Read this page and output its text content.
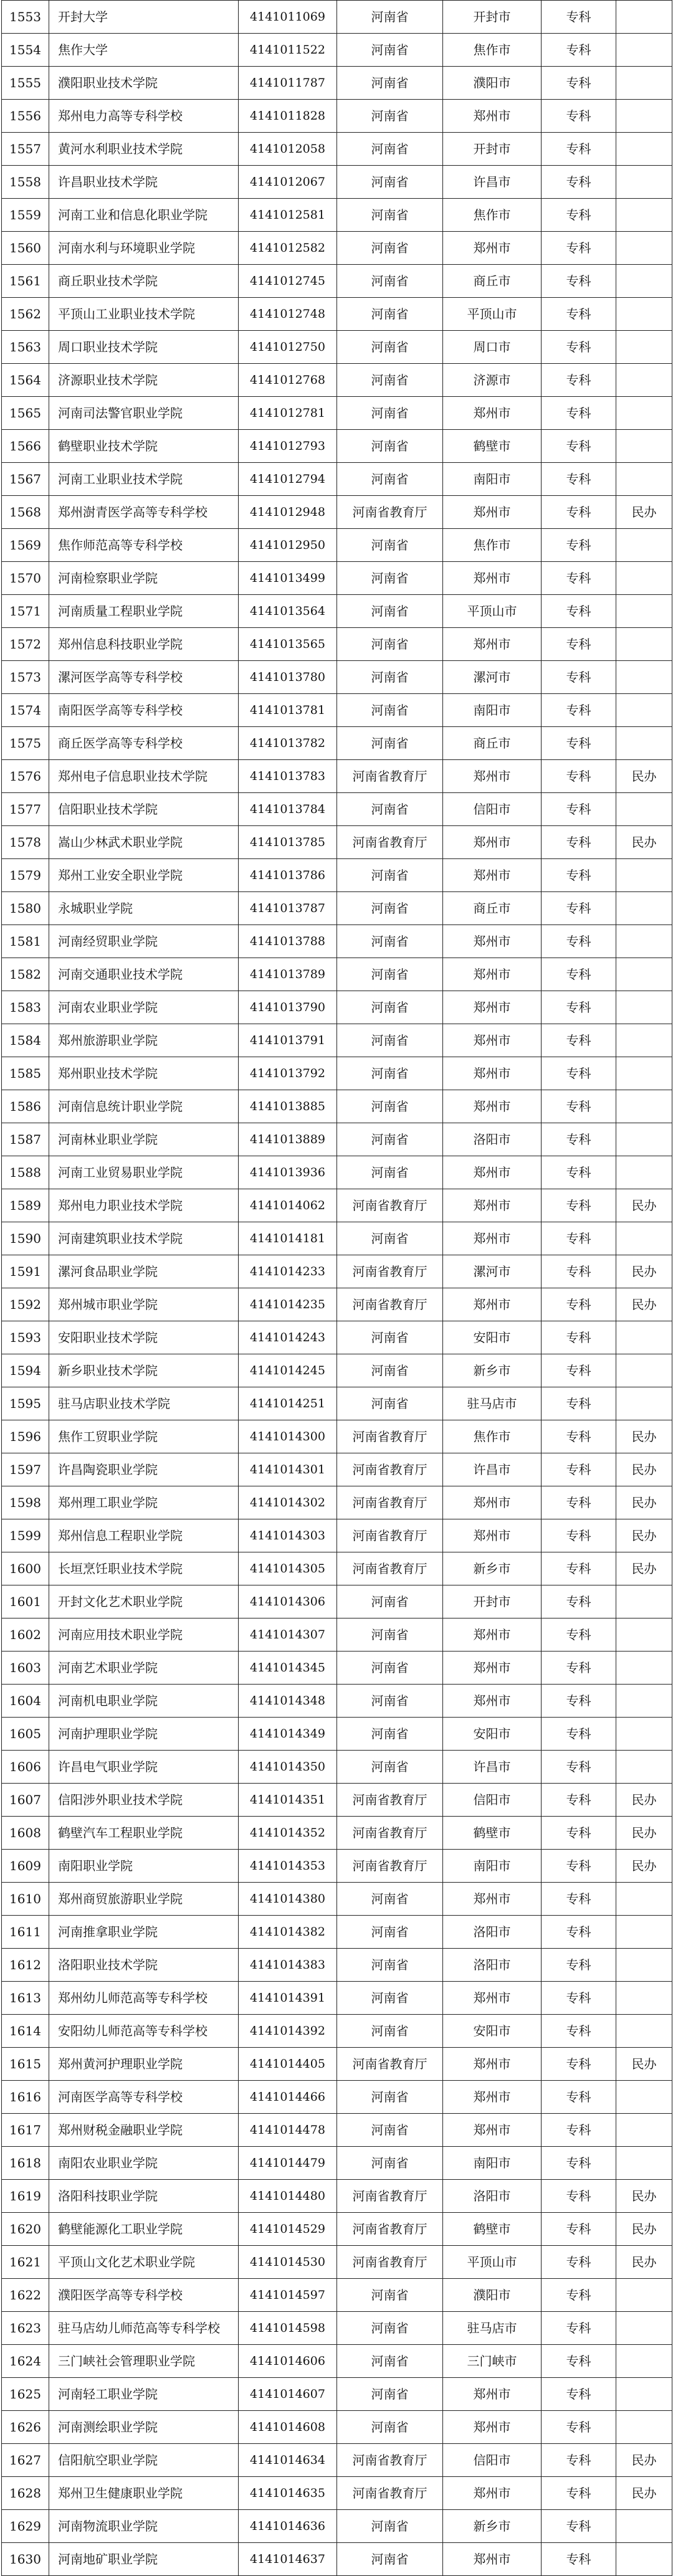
1553	开封大学	4141011069	河南省	开封市	专科	
1554	焦作大学	4141011522	河南省	焦作市	专科	
1555	濮阳职业技术学院	4141011787	河南省	濮阳市	专科	
1556	郑州电力高等专科学校	4141011828	河南省	郑州市	专科	
1557	黄河水利职业技术学院	4141012058	河南省	开封市	专科	
1558	许昌职业技术学院	4141012067	河南省	许昌市	专科	
1559	河南工业和信息化职业学院	4141012581	河南省	焦作市	专科	
1560	河南水利与环境职业学院	4141012582	河南省	郑州市	专科	
1561	商丘职业技术学院	4141012745	河南省	商丘市	专科	
1562	平顶山工业职业技术学院	4141012748	河南省	平顶山市	专科	
1563	周口职业技术学院	4141012750	河南省	周口市	专科	
1564	济源职业技术学院	4141012768	河南省	济源市	专科	
1565	河南司法警官职业学院	4141012781	河南省	郑州市	专科	
1566	鹤壁职业技术学院	4141012793	河南省	鹤壁市	专科	
1567	河南工业职业技术学院	4141012794	河南省	南阳市	专科	
1568	郑州澍青医学高等专科学校	4141012948	河南省教育厅	郑州市	专科	民办
1569	焦作师范高等专科学校	4141012950	河南省	焦作市	专科	
1570	河南检察职业学院	4141013499	河南省	郑州市	专科	
1571	河南质量工程职业学院	4141013564	河南省	平顶山市	专科	
1572	郑州信息科技职业学院	4141013565	河南省	郑州市	专科	
1573	漯河医学高等专科学校	4141013780	河南省	漯河市	专科	
1574	南阳医学高等专科学校	4141013781	河南省	南阳市	专科	
1575	商丘医学高等专科学校	4141013782	河南省	商丘市	专科	
1576	郑州电子信息职业技术学院	4141013783	河南省教育厅	郑州市	专科	民办
1577	信阳职业技术学院	4141013784	河南省	信阳市	专科	
1578	嵩山少林武术职业学院	4141013785	河南省教育厅	郑州市	专科	民办
1579	郑州工业安全职业学院	4141013786	河南省	郑州市	专科	
1580	永城职业学院	4141013787	河南省	商丘市	专科	
1581	河南经贸职业学院	4141013788	河南省	郑州市	专科	
1582	河南交通职业技术学院	4141013789	河南省	郑州市	专科	
1583	河南农业职业学院	4141013790	河南省	郑州市	专科	
1584	郑州旅游职业学院	4141013791	河南省	郑州市	专科	
1585	郑州职业技术学院	4141013792	河南省	郑州市	专科	
1586	河南信息统计职业学院	4141013885	河南省	郑州市	专科	
1587	河南林业职业学院	4141013889	河南省	洛阳市	专科	
1588	河南工业贸易职业学院	4141013936	河南省	郑州市	专科	
1589	郑州电力职业技术学院	4141014062	河南省教育厅	郑州市	专科	民办
1590	河南建筑职业技术学院	4141014181	河南省	郑州市	专科	
1591	漯河食品职业学院	4141014233	河南省教育厅	漯河市	专科	民办
1592	郑州城市职业学院	4141014235	河南省教育厅	郑州市	专科	民办
1593	安阳职业技术学院	4141014243	河南省	安阳市	专科	
1594	新乡职业技术学院	4141014245	河南省	新乡市	专科	
1595	驻马店职业技术学院	4141014251	河南省	驻马店市	专科	
1596	焦作工贸职业学院	4141014300	河南省教育厅	焦作市	专科	民办
1597	许昌陶瓷职业学院	4141014301	河南省教育厅	许昌市	专科	民办
1598	郑州理工职业学院	4141014302	河南省教育厅	郑州市	专科	民办
1599	郑州信息工程职业学院	4141014303	河南省教育厅	郑州市	专科	民办
1600	长垣烹饪职业技术学院	4141014305	河南省教育厅	新乡市	专科	民办
1601	开封文化艺术职业学院	4141014306	河南省	开封市	专科	
1602	河南应用技术职业学院	4141014307	河南省	郑州市	专科	
1603	河南艺术职业学院	4141014345	河南省	郑州市	专科	
1604	河南机电职业学院	4141014348	河南省	郑州市	专科	
1605	河南护理职业学院	4141014349	河南省	安阳市	专科	
1606	许昌电气职业学院	4141014350	河南省	许昌市	专科	
1607	信阳涉外职业技术学院	4141014351	河南省教育厅	信阳市	专科	民办
1608	鹤壁汽车工程职业学院	4141014352	河南省教育厅	鹤壁市	专科	民办
1609	南阳职业学院	4141014353	河南省教育厅	南阳市	专科	民办
1610	郑州商贸旅游职业学院	4141014380	河南省	郑州市	专科	
1611	河南推拿职业学院	4141014382	河南省	洛阳市	专科	
1612	洛阳职业技术学院	4141014383	河南省	洛阳市	专科	
1613	郑州幼儿师范高等专科学校	4141014391	河南省	郑州市	专科	
1614	安阳幼儿师范高等专科学校	4141014392	河南省	安阳市	专科	
1615	郑州黄河护理职业学院	4141014405	河南省教育厅	郑州市	专科	民办
1616	河南医学高等专科学校	4141014466	河南省	郑州市	专科	
1617	郑州财税金融职业学院	4141014478	河南省	郑州市	专科	
1618	南阳农业职业学院	4141014479	河南省	南阳市	专科	
1619	洛阳科技职业学院	4141014480	河南省教育厅	洛阳市	专科	民办
1620	鹤壁能源化工职业学院	4141014529	河南省教育厅	鹤壁市	专科	民办
1621	平顶山文化艺术职业学院	4141014530	河南省教育厅	平顶山市	专科	民办
1622	濮阳医学高等专科学校	4141014597	河南省	濮阳市	专科	
1623	驻马店幼儿师范高等专科学校	4141014598	河南省	驻马店市	专科	
1624	三门峡社会管理职业学院	4141014606	河南省	三门峡市	专科	
1625	河南轻工职业学院	4141014607	河南省	郑州市	专科	
1626	河南测绘职业学院	4141014608	河南省	郑州市	专科	
1627	信阳航空职业学院	4141014634	河南省教育厅	信阳市	专科	民办
1628	郑州卫生健康职业学院	4141014635	河南省教育厅	郑州市	专科	民办
1629	河南物流职业学院	4141014636	河南省	新乡市	专科	
1630	河南地矿职业学院	4141014637	河南省	郑州市	专科	
